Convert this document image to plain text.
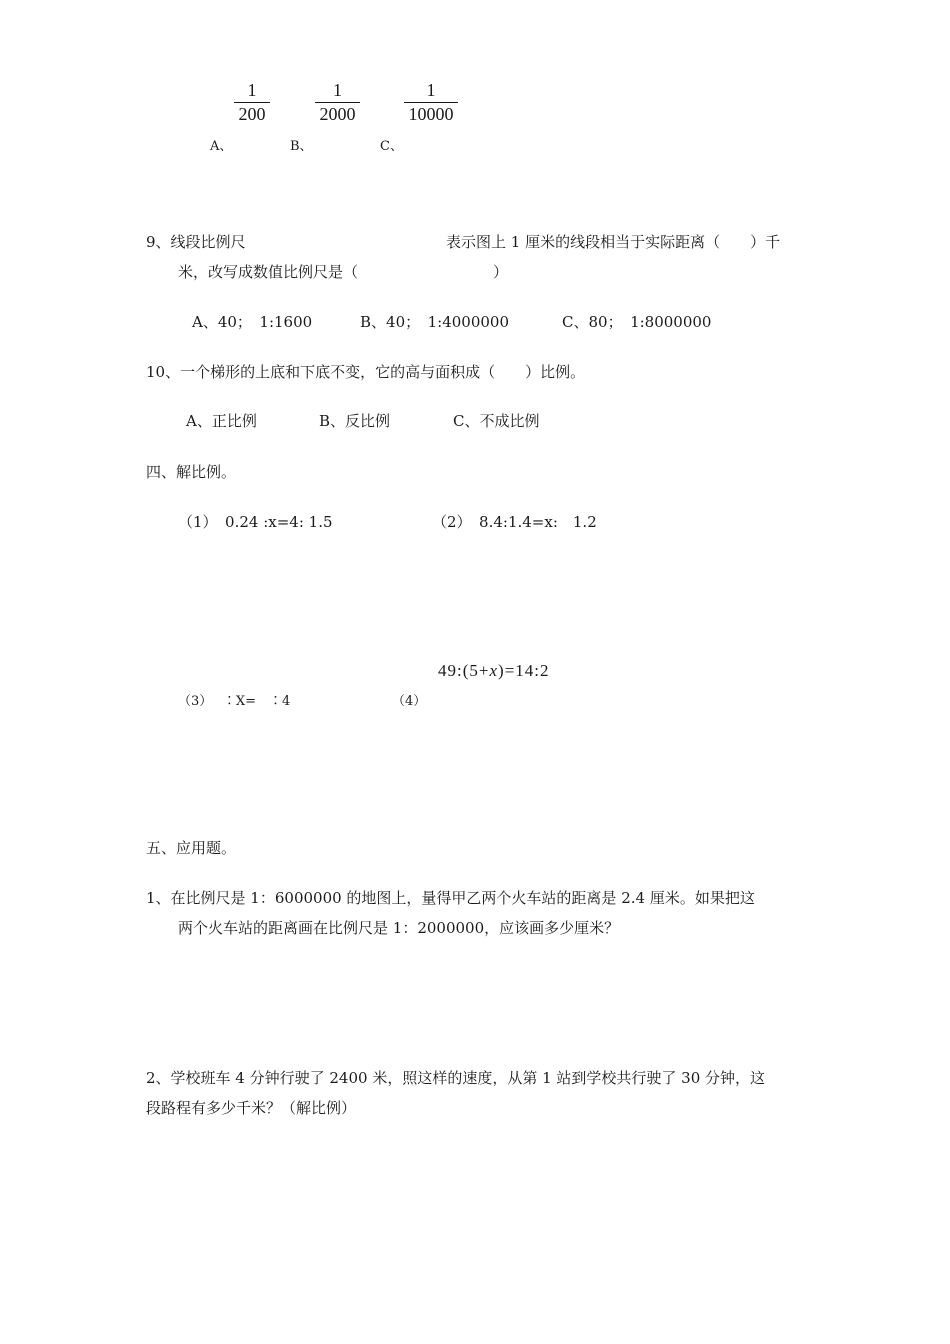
1
200
1
2000
1
10000
A、	B、	C、
9、线段比例尺	表示图上 1 厘米的线段相当于实际距离（　　）千
米，改写成数值比例尺是（　　　　　　　　　）
A、40；　1:1600	B、40；　1:4000000	C、80；　1:8000000
10、一个梯形的上底和下底不变，它的高与面积成（　　）比例。
A、正比例	B、反比例	C、不成比例
四、解比例。
（1）　0.24 :x=4: 1.5	（2）　8.4:1.4=x:　1.2
49:(5+x)=14:2
（3）　 ∶X=　∶4	（4）
五、应用题。
1、在比例尺是 1：6000000 的地图上，量得甲乙两个火车站的距离是 2.4 厘米。如果把这
两个火车站的距离画在比例尺是 1：2000000，应该画多少厘米？
2、学校班车 4 分钟行驶了 2400 米，照这样的速度，从第 1 站到学校共行驶了 30 分钟，这
段路程有多少千米？（解比例）
